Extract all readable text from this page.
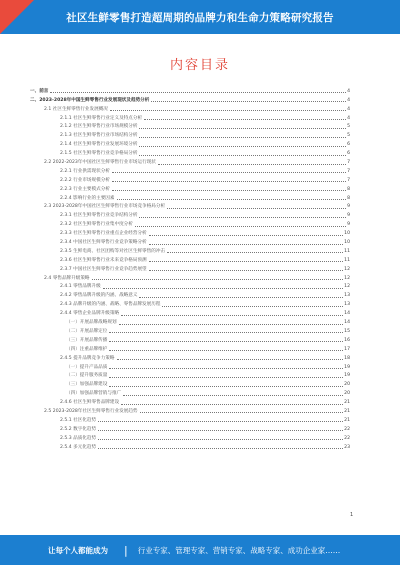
社区生鲜零售打造超周期的品牌力和生命力策略研究报告
内容目录
一、前言	4
二、2023-2028年中国生鲜零售行业发展现状及趋势分析	4
2.1 社区生鲜零售行业发展概况	4
2.1.1 社区生鲜零售行业定义及特点分析	4
2.1.2 社区生鲜零售行业市场规模分析	5
2.1.3 社区生鲜零售行业市场结构分析	5
2.1.4 社区生鲜零售行业发展环境分析	6
2.1.5 社区生鲜零售行业竞争格局分析	6
2.2 2022-2023年中国社区生鲜零售行业市场运行现状	7
2.2.1 行业供需现状分析	7
2.2.2 行业市场规模分析	7
2.2.3 行业主要模式分析	8
2.2.4 影响行业的主要因素	8
2.3 2023-2028年中国社区生鲜零售行业市场竞争格局分析	9
2.3.1 社区生鲜零售行业竞争结构分析	9
2.3.2 社区生鲜零售行业集中度分析	9
2.3.3 社区生鲜零售行业重点企业经营分析	10
2.3.4 中国社区生鲜零售行业竞争策略分析	10
2.3.5 生鲜电商、社区团购等对社区生鲜零售的冲击	11
2.3.6 社区生鲜零售行业未来竞争格局预测	11
2.3.7 中国社区生鲜零售行业竞争趋势展望	12
2.4 零售品牌升级策略	12
2.4.1 零售品牌升级	12
2.4.2 零售品牌升级的内涵、战略意义	13
2.4.3 品牌升级的内涵、战略、零售品牌发展历程	13
2.4.4 零售企业品牌升级策略	14
（一）开展品牌战略规划	14
（二）开展品牌定位	15
（三）开展品牌传播	16
（四）注重品牌维护	17
2.4.5 提升品牌竞争力策略	18
（一）提升产品品质	19
（二）提升服务质量	19
（三）加强品牌建设	20
（四）加强品牌营销与推广	20
2.4.6 社区生鲜零售品牌建设	21
2.5 2023-2028年社区生鲜零售行业发展趋势	21
2.5.1 社区化趋势	21
2.5.2 数字化趋势	22
2.5.3 品质化趋势	22
2.5.4 多元化趋势	23
1
让每个人都能成为 | 行业专家、管理专家、营销专家、战略专家、成功企业家……
